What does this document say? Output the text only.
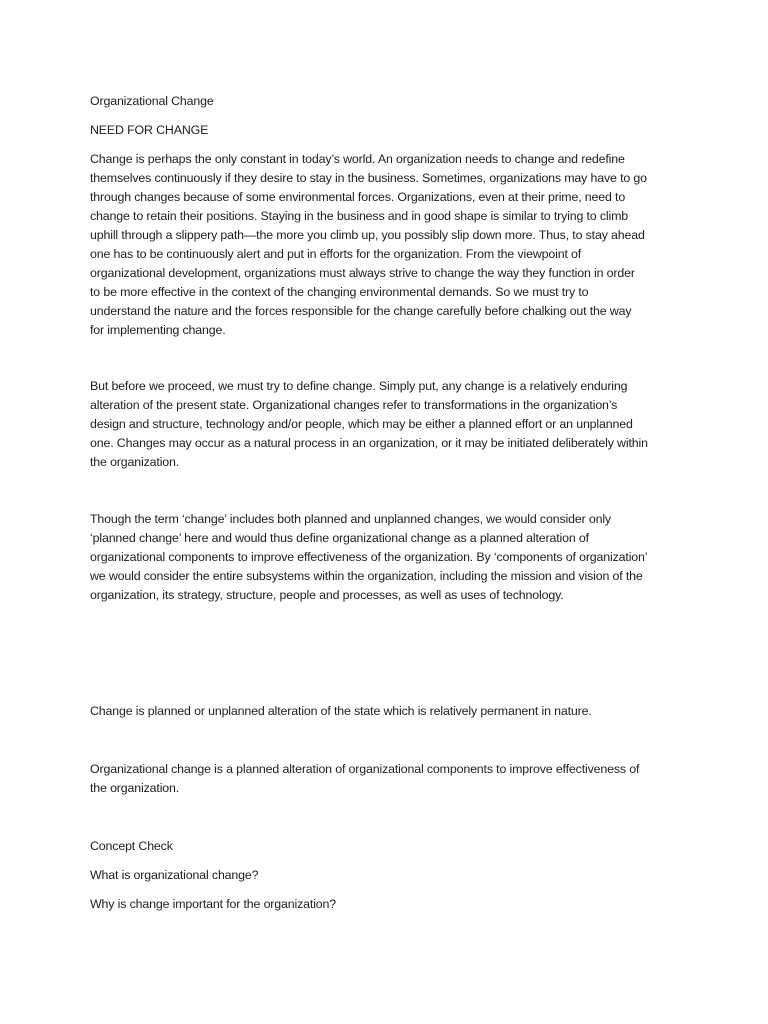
Organizational Change
NEED FOR CHANGE
Change is perhaps the only constant in today’s world. An organization needs to change and redefine
themselves continuously if they desire to stay in the business. Sometimes, organizations may have to go
through changes because of some environmental forces. Organizations, even at their prime, need to
change to retain their positions. Staying in the business and in good shape is similar to trying to climb
uphill through a slippery path—the more you climb up, you possibly slip down more. Thus, to stay ahead
one has to be continuously alert and put in efforts for the organization. From the viewpoint of
organizational development, organizations must always strive to change the way they function in order
to be more effective in the context of the changing environmental demands. So we must try to
understand the nature and the forces responsible for the change carefully before chalking out the way
for implementing change.
But before we proceed, we must try to define change. Simply put, any change is a relatively enduring
alteration of the present state. Organizational changes refer to transformations in the organization’s
design and structure, technology and/or people, which may be either a planned effort or an unplanned
one. Changes may occur as a natural process in an organization, or it may be initiated deliberately within
the organization.
Though the term ‘change’ includes both planned and unplanned changes, we would consider only
‘planned change’ here and would thus define organizational change as a planned alteration of
organizational components to improve effectiveness of the organization. By ‘components of organization’
we would consider the entire subsystems within the organization, including the mission and vision of the
organization, its strategy, structure, people and processes, as well as uses of technology.
Change is planned or unplanned alteration of the state which is relatively permanent in nature.
Organizational change is a planned alteration of organizational components to improve effectiveness of
the organization.
Concept Check
What is organizational change?
Why is change important for the organization?
